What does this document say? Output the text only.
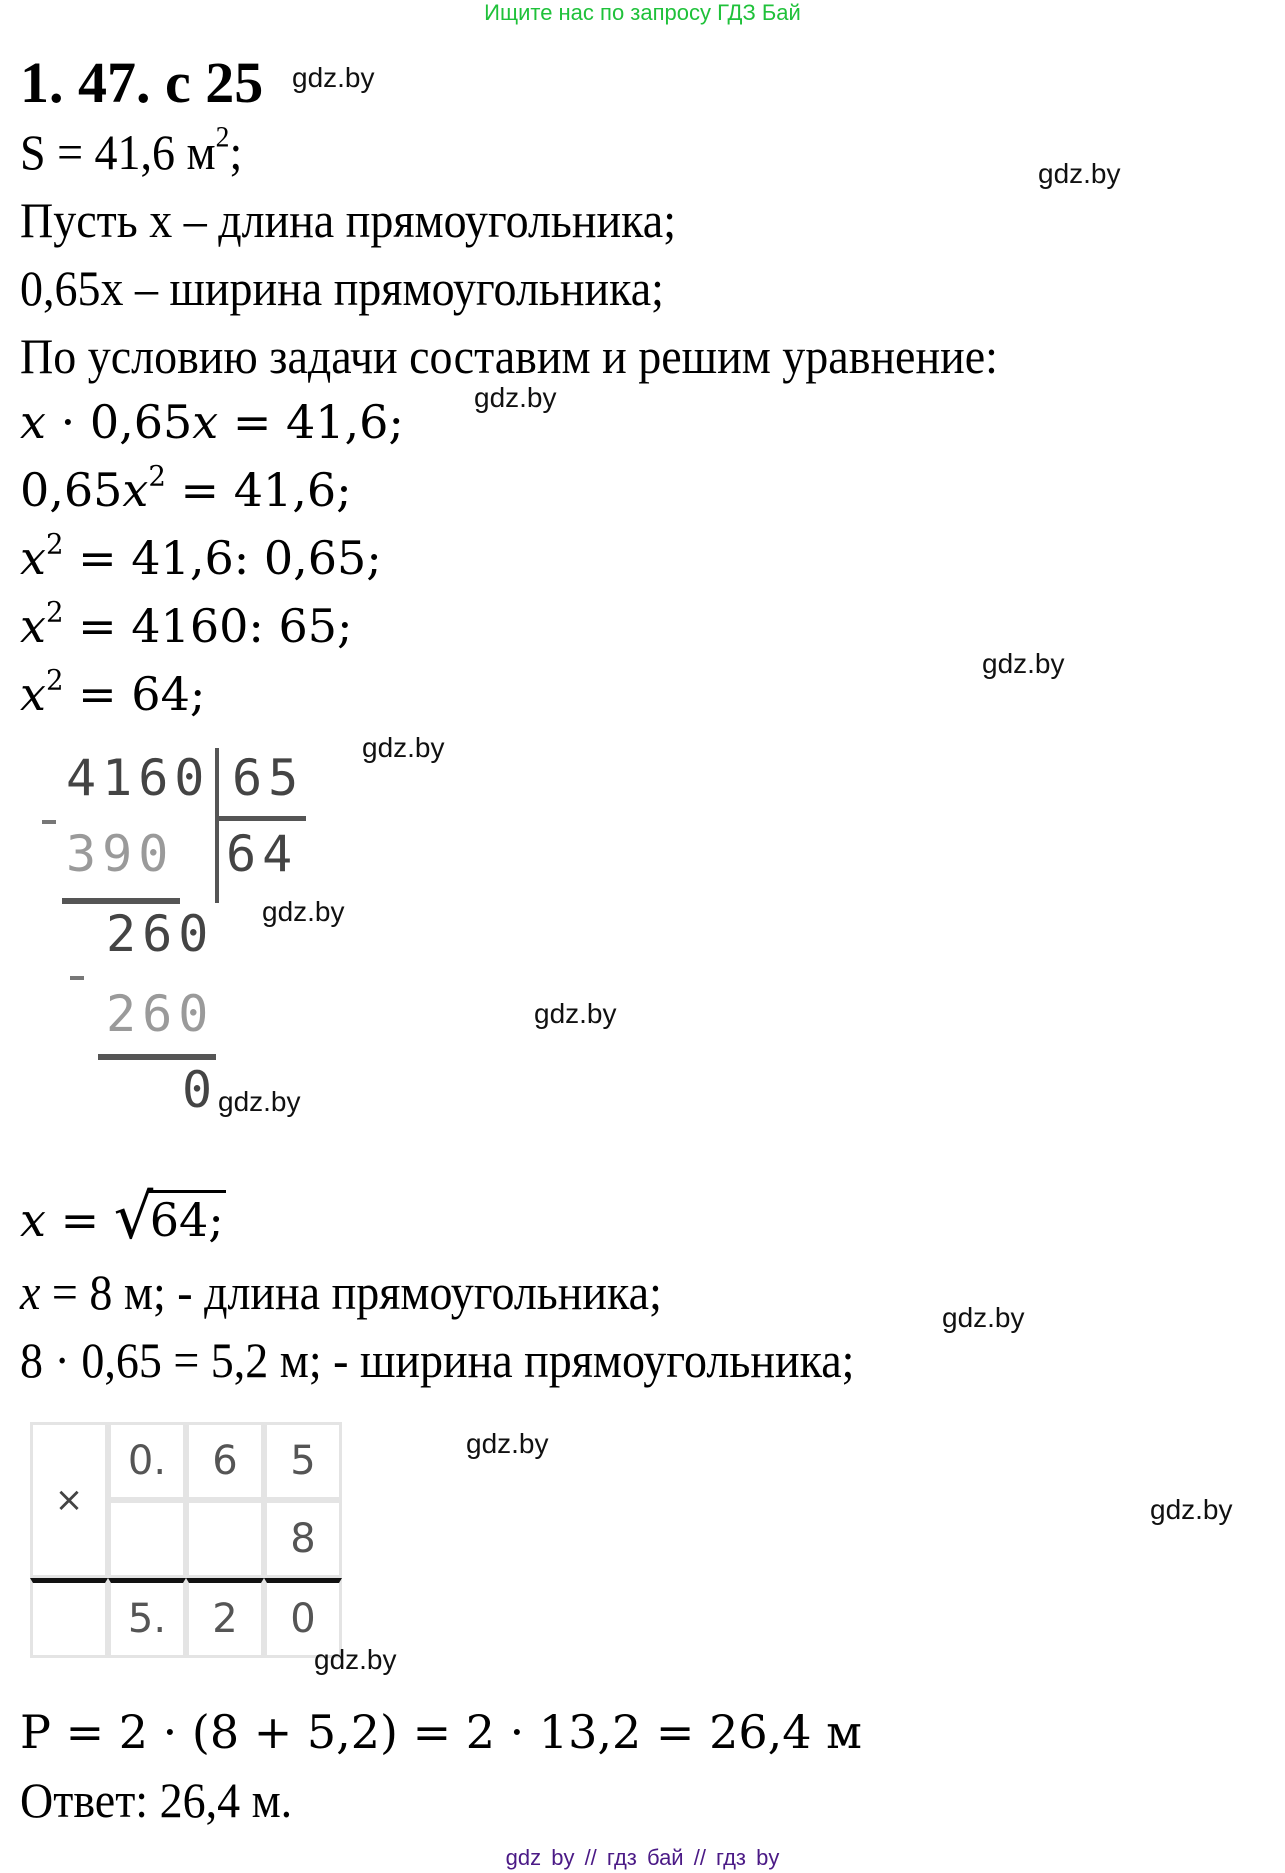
Ищите нас по запросу ГДЗ Бай
1. 47. с 25 gdz.by
S = 41,6 $м^2$;	gdz.by
Пусть x – длина прямоугольника;
0,65x – ширина прямоугольника;
По условию задачи составим и решим уравнение:
gdz.by
x · 0,65x = 41,6;
$0,65x^2 = 41,6$;
$x^2 = 41,6$: 0,65;
$x^2 = 4160$: 65;
gdz.by
$x^2 = 64$;
4160 65
390 64
260
260
0
gdz.by
gdz.by
gdz.by
gdz.by
x = √
64;
x = 8 м; - длина прямоугольника;	gdz.by
8 · 0,65 = 5,2 м; - ширина прямоугольника;
×	0.	6	5
			8
	5.	2	0
gdz.by
gdz.by
gdz.by
P = 2 · (8 + 5,2) = 2 · 13,2 = 26,4 м
Ответ: 26,4 м.
gdz by // гдз бай // гдз by
